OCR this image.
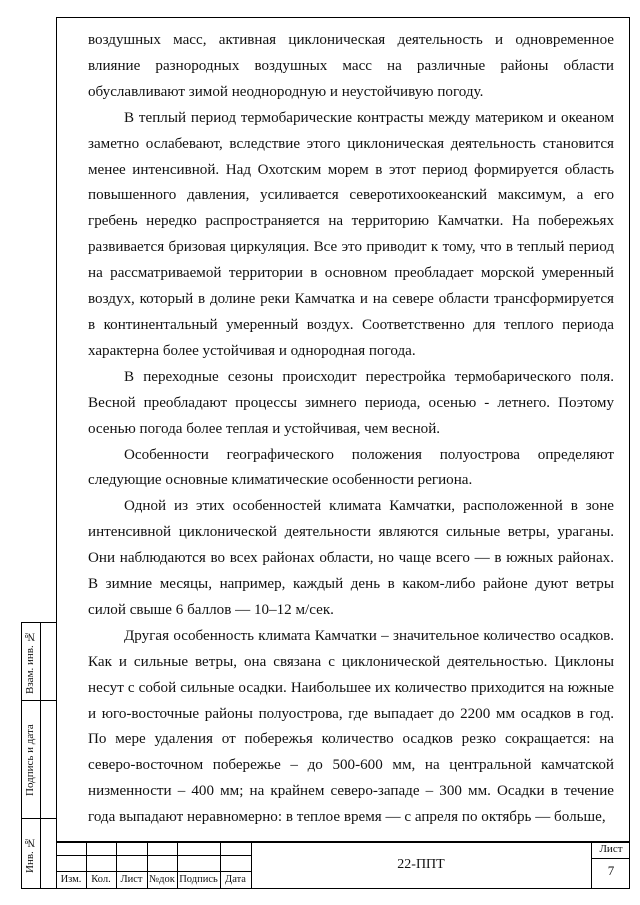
воздушных масс, активная циклоническая деятельность и одновременное влияние разнородных воздушных масс на различные районы области обуславливают зимой неоднородную и неустойчивую погоду.

В теплый период термобарические контрасты между материком и океаном заметно ослабевают, вследствие этого циклоническая деятельность становится менее интенсивной. Над Охотским морем в этот период формируется область повышенного давления, усиливается северотихоокеанский максимум, а его гребень нередко распространяется на территорию Камчатки. На побережьях развивается бризовая циркуляция. Все это приводит к тому, что в теплый период на рассматриваемой территории в основном преобладает морской умеренный воздух, который в долине реки Камчатка и на севере области трансформируется в континентальный умеренный воздух. Соответственно для теплого периода характерна более устойчивая и однородная погода.

В переходные сезоны происходит перестройка термобарического поля. Весной преобладают процессы зимнего периода, осенью - летнего. Поэтому осенью погода более теплая и устойчивая, чем весной.

Особенности географического положения полуострова определяют следующие основные климатические особенности региона.

Одной из этих особенностей климата Камчатки, расположенной в зоне интенсивной циклонической деятельности являются сильные ветры, ураганы. Они наблюдаются во всех районах области, но чаще всего — в южных районах. В зимние месяцы, например, каждый день в каком-либо районе дуют ветры силой свыше 6 баллов — 10–12 м/сек.

Другая особенность климата Камчатки – значительное количество осадков. Как и сильные ветры, она связана с циклонической деятельностью. Циклоны несут с собой сильные осадки. Наибольшее их количество приходится на южные и юго-восточные районы полуострова, где выпадает до 2200 мм осадков в год. По мере удаления от побережья количество осадков резко сокращается: на северо-восточном побережье – до 500-600 мм, на центральной камчатской низменности – 400 мм; на крайнем северо-западе – 300 мм. Осадки в течение года выпадают неравномерно: в теплое время — с апреля по октябрь — больше,

Взам. инв. №
Подпись и дата
Инв. №
Изм. Кол. Лист №док Подпись Дата
22-ППТ
Лист
7
